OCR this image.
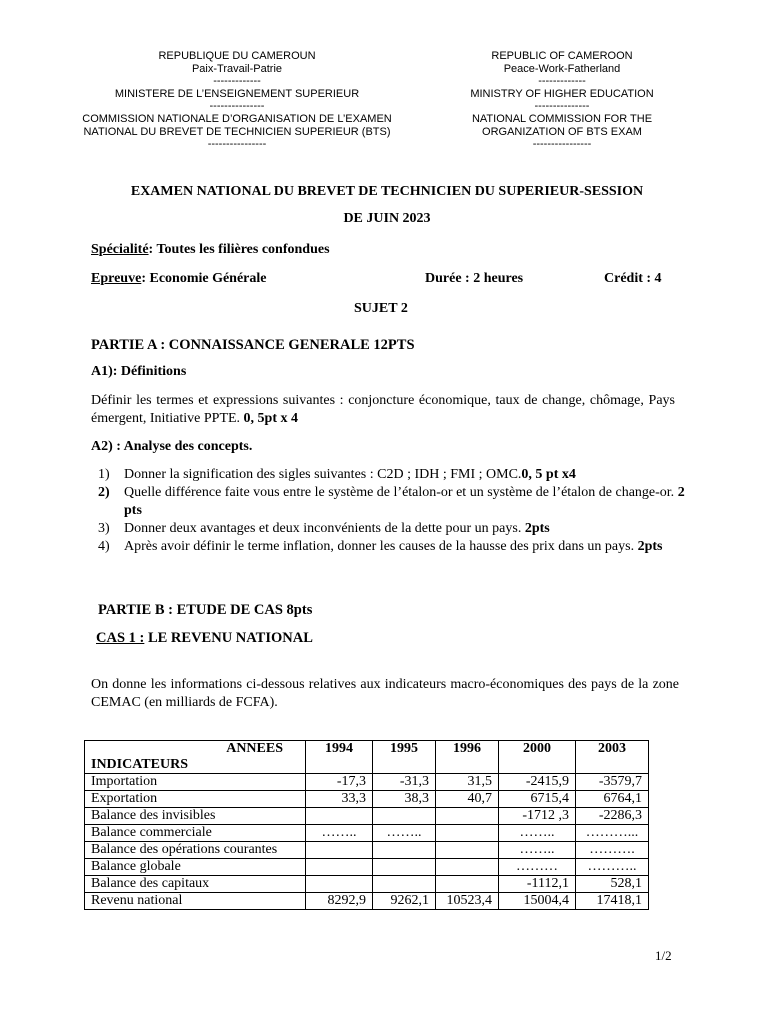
REPUBLIQUE DU CAMEROUN
Paix-Travail-Patrie
-------------
MINISTERE DE L’ENSEIGNEMENT SUPERIEUR
---------------
COMMISSION NATIONALE D’ORGANISATION DE L’EXAMEN
NATIONAL DU BREVET DE TECHNICIEN SUPERIEUR (BTS)
----------------
REPUBLIC OF CAMEROON
Peace-Work-Fatherland
-------------
MINISTRY OF HIGHER EDUCATION
---------------
NATIONAL COMMISSION FOR THE
ORGANIZATION OF BTS EXAM
----------------
EXAMEN NATIONAL DU BREVET DE TECHNICIEN DU SUPERIEUR-SESSION
DE JUIN 2023
Spécialité: Toutes les filières confondues
Epreuve: Economie Générale	Durée : 2 heures	Crédit : 4
SUJET 2
PARTIE A : CONNAISSANCE GENERALE 12PTS
A1): Définitions
Définir les termes et expressions suivantes : conjoncture économique, taux de change, chômage, Pays émergent, Initiative PPTE. 0, 5pt x 4
A2) : Analyse des concepts.
1) Donner la signification des sigles suivantes : C2D ; IDH ; FMI ; OMC.0, 5 pt x4
2) Quelle différence faite vous entre le système de l’étalon-or et un système de l’étalon de change-or. 2 pts
3) Donner deux avantages et deux inconvénients de la dette pour un pays. 2pts
4) Après avoir définir le terme inflation, donner les causes de la hausse des prix dans un pays. 2pts
PARTIE B : ETUDE DE CAS 8pts
CAS 1 : LE REVENU NATIONAL
On donne les informations ci-dessous relatives aux indicateurs macro-économiques des pays de la zone CEMAC (en milliards de FCFA).
ANNEES
INDICATEURS	1994	1995	1996	2000	2003
Importation	-17,3	-31,3	31,5	-2415,9	-3579,7
Exportation	33,3	38,3	40,7	6715,4	6764,1
Balance des invisibles				-1712 ,3	-2286,3
Balance commerciale	……..	……..		……..	………...
Balance des opérations courantes				……..	……….
Balance globale				………	………..
Balance des capitaux				-1112,1	528,1
Revenu national	8292,9	9262,1	10523,4	15004,4	17418,1
1/2
